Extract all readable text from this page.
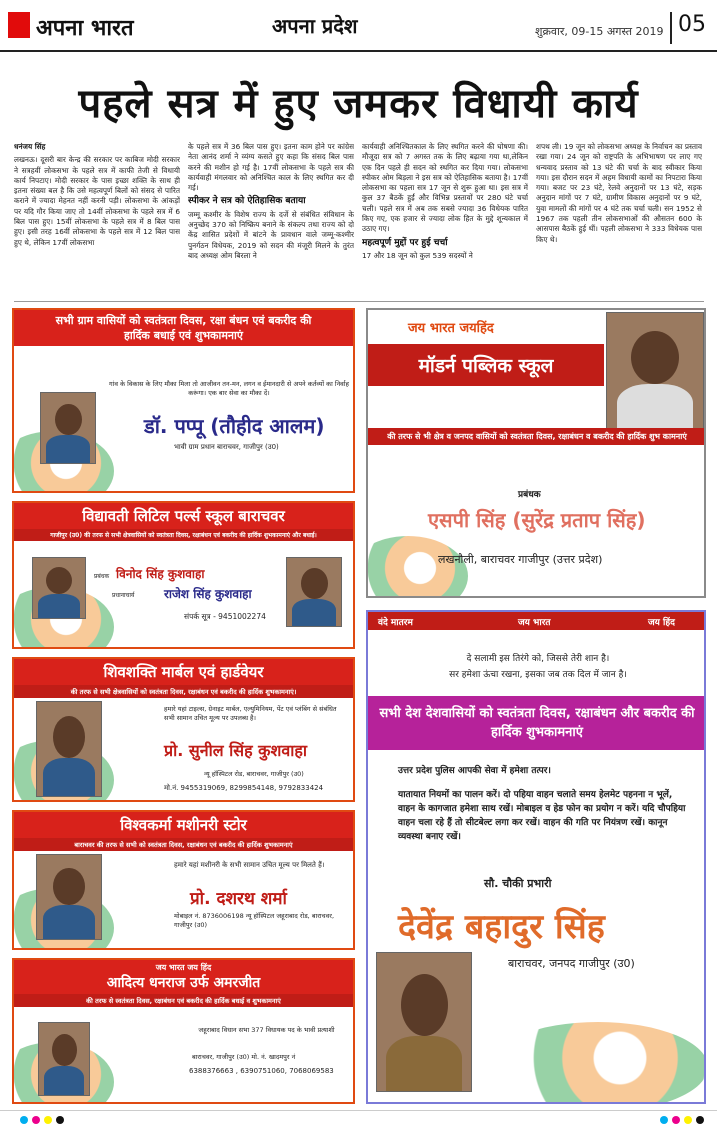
अपना भारत	अपना प्रदेश	शुक्रवार, 09-15 अगस्त 2019 05
पहले सत्र में हुए जमकर विधायी कार्य
धनंजय सिंह

लखनऊ। दूसरी बार केन्द्र की सरकार पर काबिज मोदी सरकार ने सत्रहवीं लोकसभा के पहले सत्र में काफी तेजी से विधायी कार्य निपटाए। मोदी सरकार के पास इच्छा शक्ति के साथ ही इतना संख्या बल है कि उसे महत्वपूर्ण बिलों को संसद से पारित कराने में ज्यादा मेहनत नहीं करनी पड़ी। लोकसभा के आंकड़ों पर यदि गौर किया जाए तो 14वीं लोकसभा के पहले सत्र में 6 बिल पास हुए। 15वीं लोकसभा के पहले सत्र में 8 बिल पास हुए। इसी तरह 16वीं लोकसभा के पहले सत्र में 12 बिल पास हुए थे, लेकिन 17वीं लोकसभा

के पहले सत्र में 36 बिल पास हुए। इतना काम होने पर कांग्रेस नेता आनंद शर्मा ने व्यंग्य कसते हुए कहा कि संसद बिल पास करने की मशीन हो गई है। 17वीं लोकसभा के पहले सत्र की कार्यवाही मंगलवार को अनिश्चित काल के लिए स्थगित कर दी गई।

स्पीकर ने सत्र को ऐतिहासिक बताया

जम्मू कश्मीर के विशेष राज्य के दर्जे से संबंधित संविधान के अनुच्छेद 370 को निष्क्रिय बनाने के संकल्प तथा राज्य को दो केंद्र शासित प्रदेशों में बांटने के प्रावधान वाले जम्मू-कश्मीर पुनर्गठन विधेयक, 2019 को सदन की मंजूरी मिलने के तुरंत बाद अध्यक्ष ओम बिरला ने

कार्यवाही अनिश्चितकाल के लिए स्थगित करने की घोषणा की। मौजूदा सत्र को 7 अगस्त तक के लिए बढ़ाया गया था,लेकिन एक दिन पहले ही सदन को स्थगित कर दिया गया। लोकसभा स्पीकर ओम बिड़ला ने इस सत्र को ऐतिहासिक बताया है। 17वीं लोकसभा का पहला सत्र 17 जून से शुरू हुआ था। इस सत्र में कुल 37 बैठकें हुईं और विभिन्न प्रस्तावों पर 280 घंटे चर्चा चली। पहले सत्र में अब तक सबसे ज्यादा 36 विधेयक पारित किए गए, एक हजार से ज्यादा लोक हित के मुद्दे शून्यकाल में उठाए गए।

महत्वपूर्ण मुद्दों पर हुई चर्चा

17 और 18 जून को कुल 539 सदस्यों ने

शपथ ली। 19 जून को लोकसभा अध्यक्ष के निर्वाचन का प्रस्ताव रखा गया। 24 जून को राष्ट्रपति के अभिभाषण पर लाए गए धन्यवाद प्रस्ताव को 13 घंटे की चर्चा के बाद स्वीकार किया गया। इस दौरान सदन में अहम विधायी कामों का निपटारा किया गया। बजट पर 23 घंटे, रेलवे अनुदानों पर 13 घंटे, सड़क अनुदान मांगों पर 7 घंटे, ग्रामीण विकास अनुदानों पर 9 घंटे, युवा मामलों की मांगों पर 4 घंटे तक चर्चा चली। सन 1952 से 1967 तक पहली तीन लोकसभाओं की औसतन 600 के आसपास बैठकें हुई थीं। पहली लोकसभा ने 333 विधेयक पास किए थे।

सभी ग्राम वासियों को स्वतंत्रता दिवस, रक्षा बंधन एवं बकरीद की
हार्दिक बधाई एवं शुभकामनाएं
गांव के विकास के लिए मौका मिला तो आजीवन तन-मन, लगन व ईमानदारी से अपने कर्तव्यों का निर्वाह करूंगा। एक बार सेवा का मौका दें।
डॉ. पप्पू (तौहीद आलम)
भावी ग्राम प्रधान बाराचवर, गाजीपुर (उ0)
विद्यावती लिटिल पर्ल्स स्कूल बाराचवर
गाजीपुर (उ0) की तरफ से सभी क्षेत्रवासियों को स्वतंत्रता दिवस, रक्षाबंधन एवं बकरीद की हार्दिक शुभकामनाएं और बधाई।
प्रबंधक विनोद सिंह कुशवाहा
प्रधानाचार्य राजेश सिंह कुशवाहा
संपर्क सूत्र - 9451002274
शिवशक्ति मार्बल एवं हार्डवेयर
की तरफ से सभी क्षेत्रवासियों को स्वतंत्रता दिवस, रक्षाबंधन एवं बकरीद की हार्दिक शुभकामनाएं।
हमारे यहां टाइल्स, ग्रेनाइट मार्बल, एल्युमिनियम, पेंट एवं प्लंबिंग से संबंधित सभी सामान उचित मूल्य पर उपलब्ध है।
प्रो. सुनील सिंह कुशवाहा
न्यू हॉस्पिटल रोड, बाराचवर, गाजीपुर (उ0)
मो.नं. 9455319069, 8299854148, 9792833424
विश्वकर्मा मशीनरी स्टोर
बाराचवर की तरफ से सभी को स्वतंत्रता दिवस, रक्षाबंधन एवं बकरीद की हार्दिक शुभकामनाएं
हमारे यहां मशीनरी के सभी सामान उचित मूल्य पर मिलते हैं।
प्रो. दशरथ शर्मा
मोबाइल नं. 8736006198 न्यू हॉस्पिटल जहूराबाद रोड, बाराचवर, गाजीपुर (उ0)
जय भारत जय हिंद
आदित्य धनराज उर्फ अमरजीत
की तरफ से स्वतंत्रता दिवस, रक्षाबंधन एवं बकरीद की हार्दिक बधाई व शुभकामनाएं
जहूराबाद विधान सभा 377 विधायक पद के भावी प्रत्याशी
बाराचवर, गाजीपुर (उ0) मो. नं. खादमपुर नं
6388376663 , 6390751060, 7068069583
जय भारत जयहिंद
मॉडर्न पब्लिक स्कूल
की तरफ से भी क्षेत्र व जनपद वासियों को स्वतंत्रता दिवस, रक्षाबंधन व बकरीद की हार्दिक शुभ कामनाएं
प्रबंधक
एसपी सिंह (सुरेंद्र प्रताप सिंह)
लखनौली, बाराचवर गाजीपुर (उत्तर प्रदेश)
वंदे मातरम	जय भारत	जय हिंद
दे सलामी इस तिरंगे को, जिससे तेरी शान है।
सर हमेशा ऊंचा रखना, इसका जब तक दिल में जान है।
सभी देश देशवासियों को स्वतंत्रता दिवस, रक्षाबंधन और बकरीद की हार्दिक शुभकामनाएं
उत्तर प्रदेश पुलिस आपकी सेवा में हमेशा तत्पर।
यातायात नियमों का पालन करें। दो पहिया वाहन चलाते समय हेलमेट पहनना न भूलें, वाहन के कागजात हमेशा साथ रखें। मोबाइल व हेड फोन का प्रयोग न करें। यदि चौपहिया वाहन चला रहे हैं तो सीटबेल्ट लगा कर रखें। वाहन की गति पर नियंत्रण रखें। कानून व्यवस्था बनाए रखें।
सौ. चौकी प्रभारी
देवेंद्र बहादुर सिंह
बाराचवर, जनपद गाजीपुर (उ0)
